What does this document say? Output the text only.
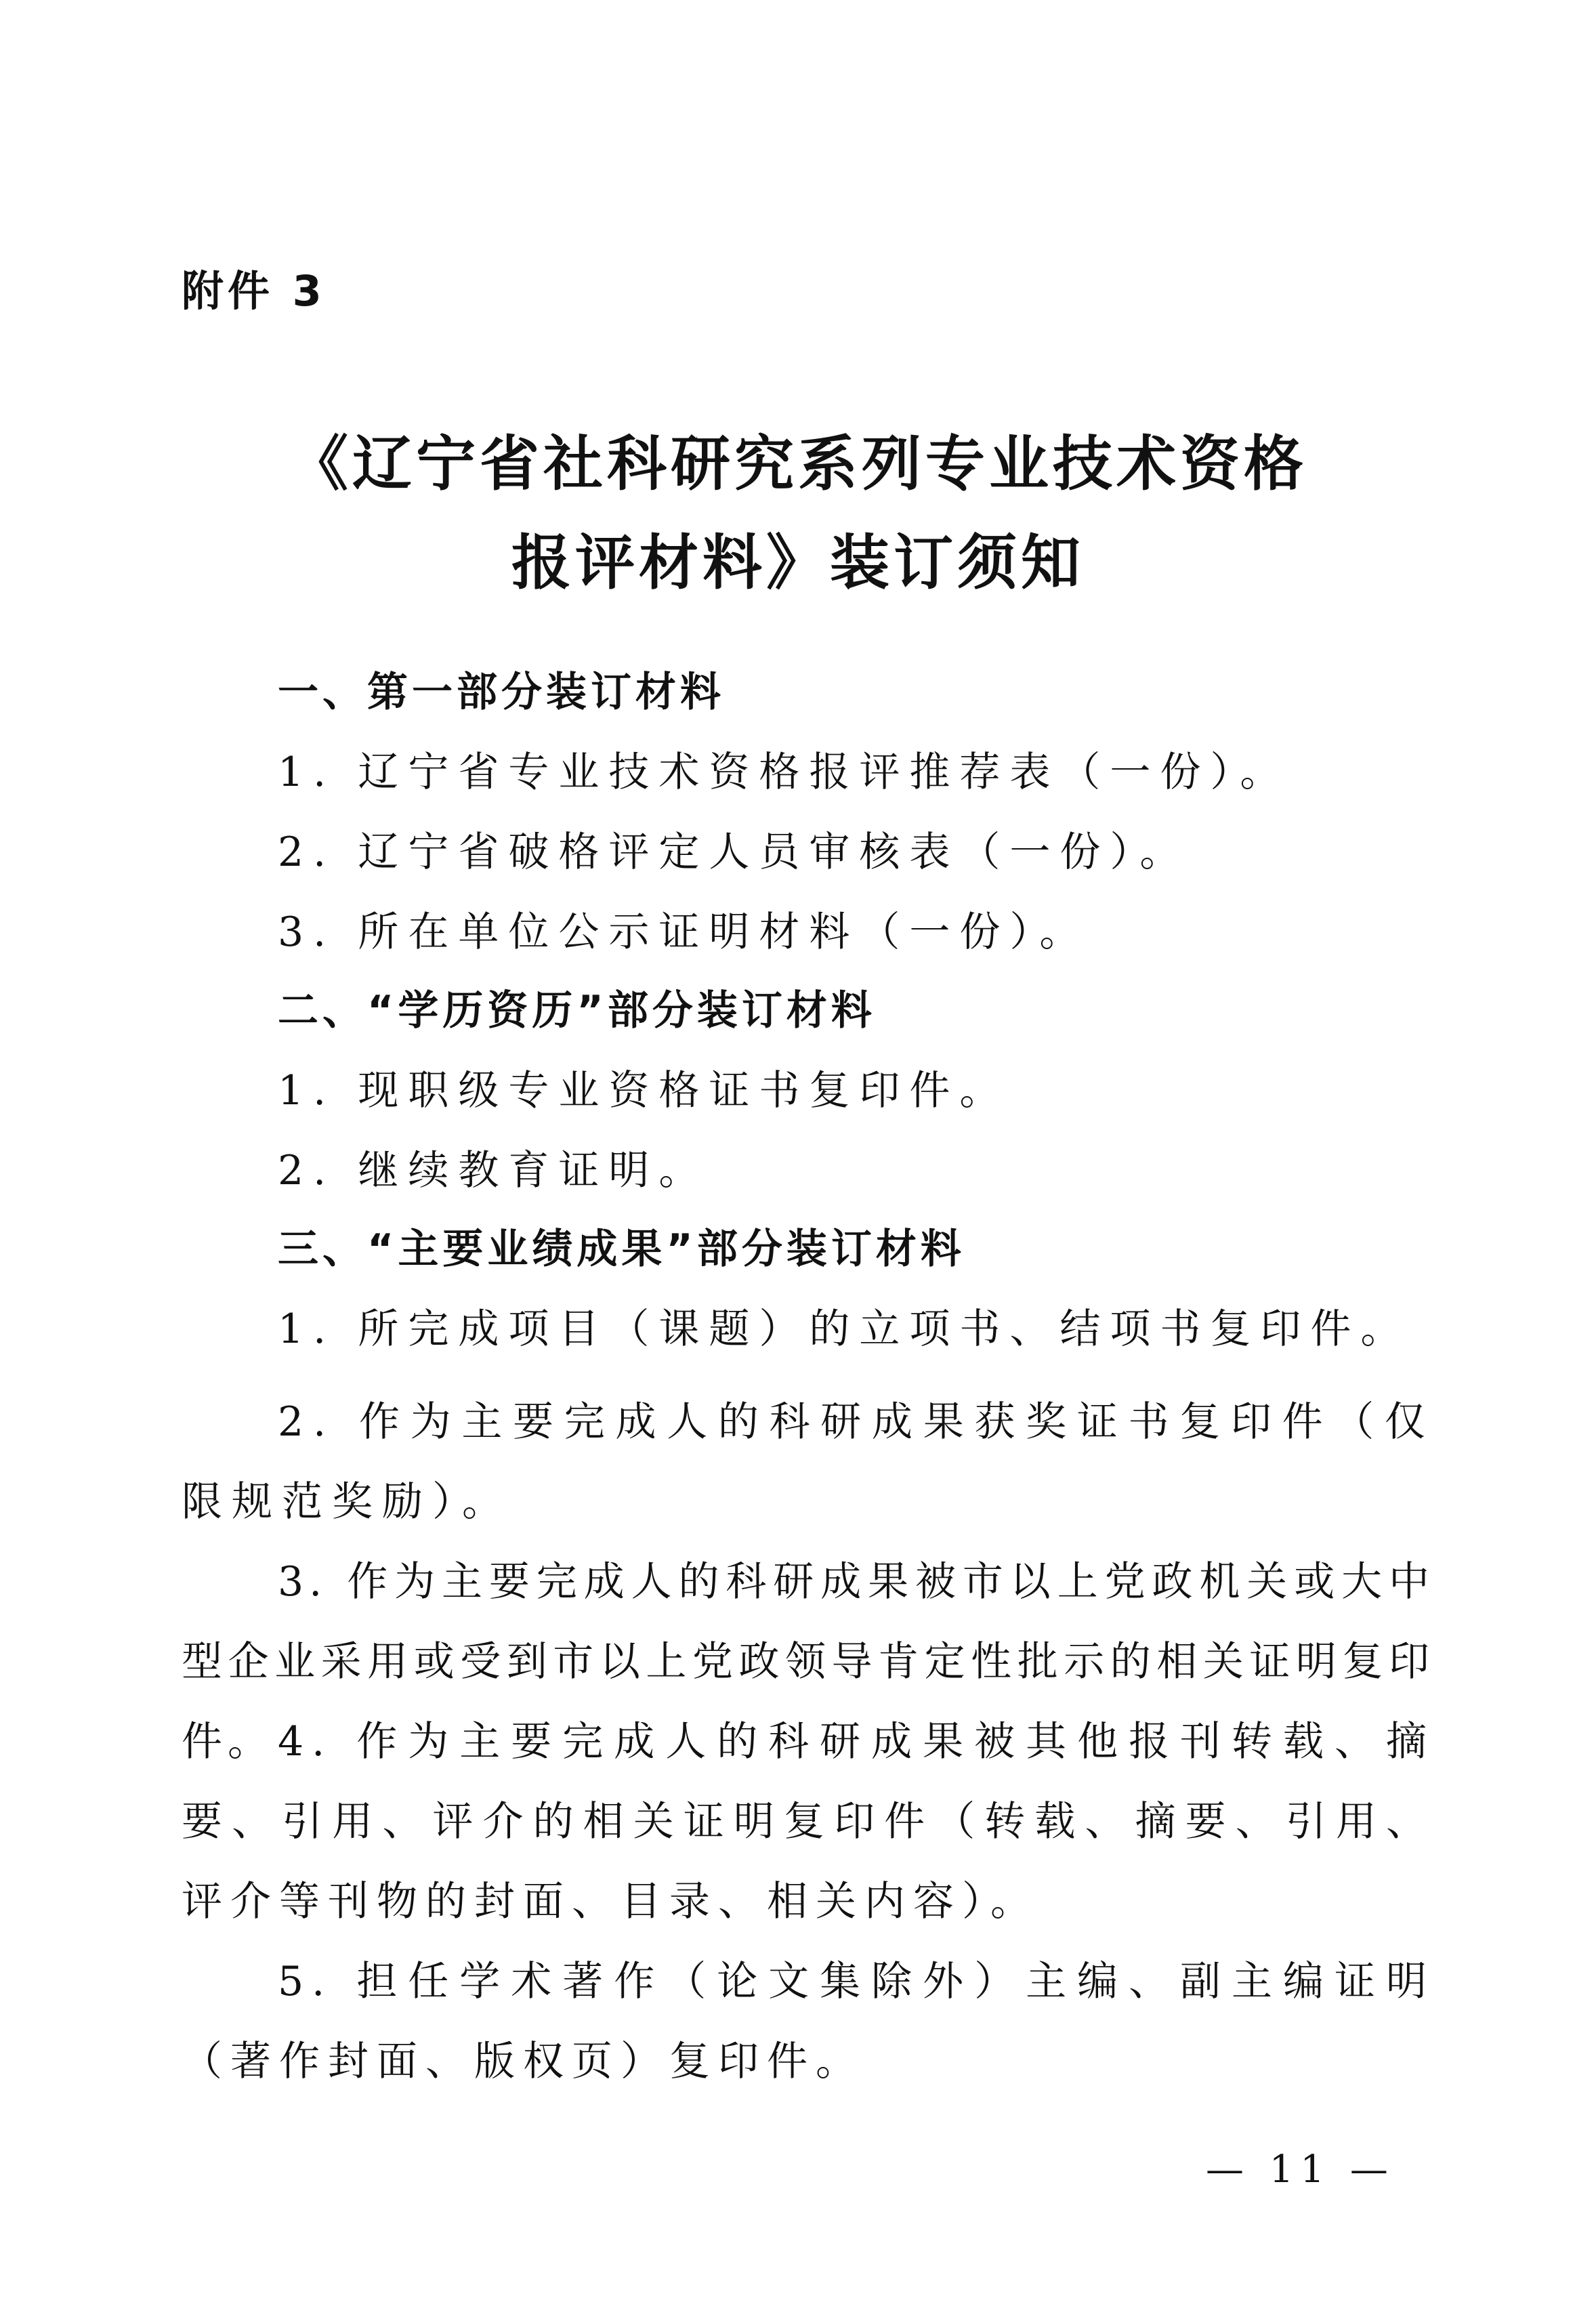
附件 3
《辽宁省社科研究系列专业技术资格
报评材料》装订须知
一、第一部分装订材料
1. 辽宁省专业技术资格报评推荐表（一份）。
2. 辽宁省破格评定人员审核表（一份）。
3. 所在单位公示证明材料（一份）。
二、“学历资历”部分装订材料
1. 现职级专业资格证书复印件。
2. 继续教育证明。
三、“主要业绩成果”部分装订材料
1. 所完成项目（课题）的立项书、结项书复印件。
2. 作为主要完成人的科研成果获奖证书复印件（仅限规范奖励）。
3. 作为主要完成人的科研成果被市以上党政机关或大中型企业采用或受到市以上党政领导肯定性批示的相关证明复印件。 4. 作为主要完成人的科研成果被其他报刊转载、摘要、引用、评介的相关证明复印件（转载、摘要、引用、评介等刊物的封面、目录、相关内容）。
5. 担任学术著作（论文集除外）主编、副主编证明（著作封面、版权页）复印件。
— 11 —
